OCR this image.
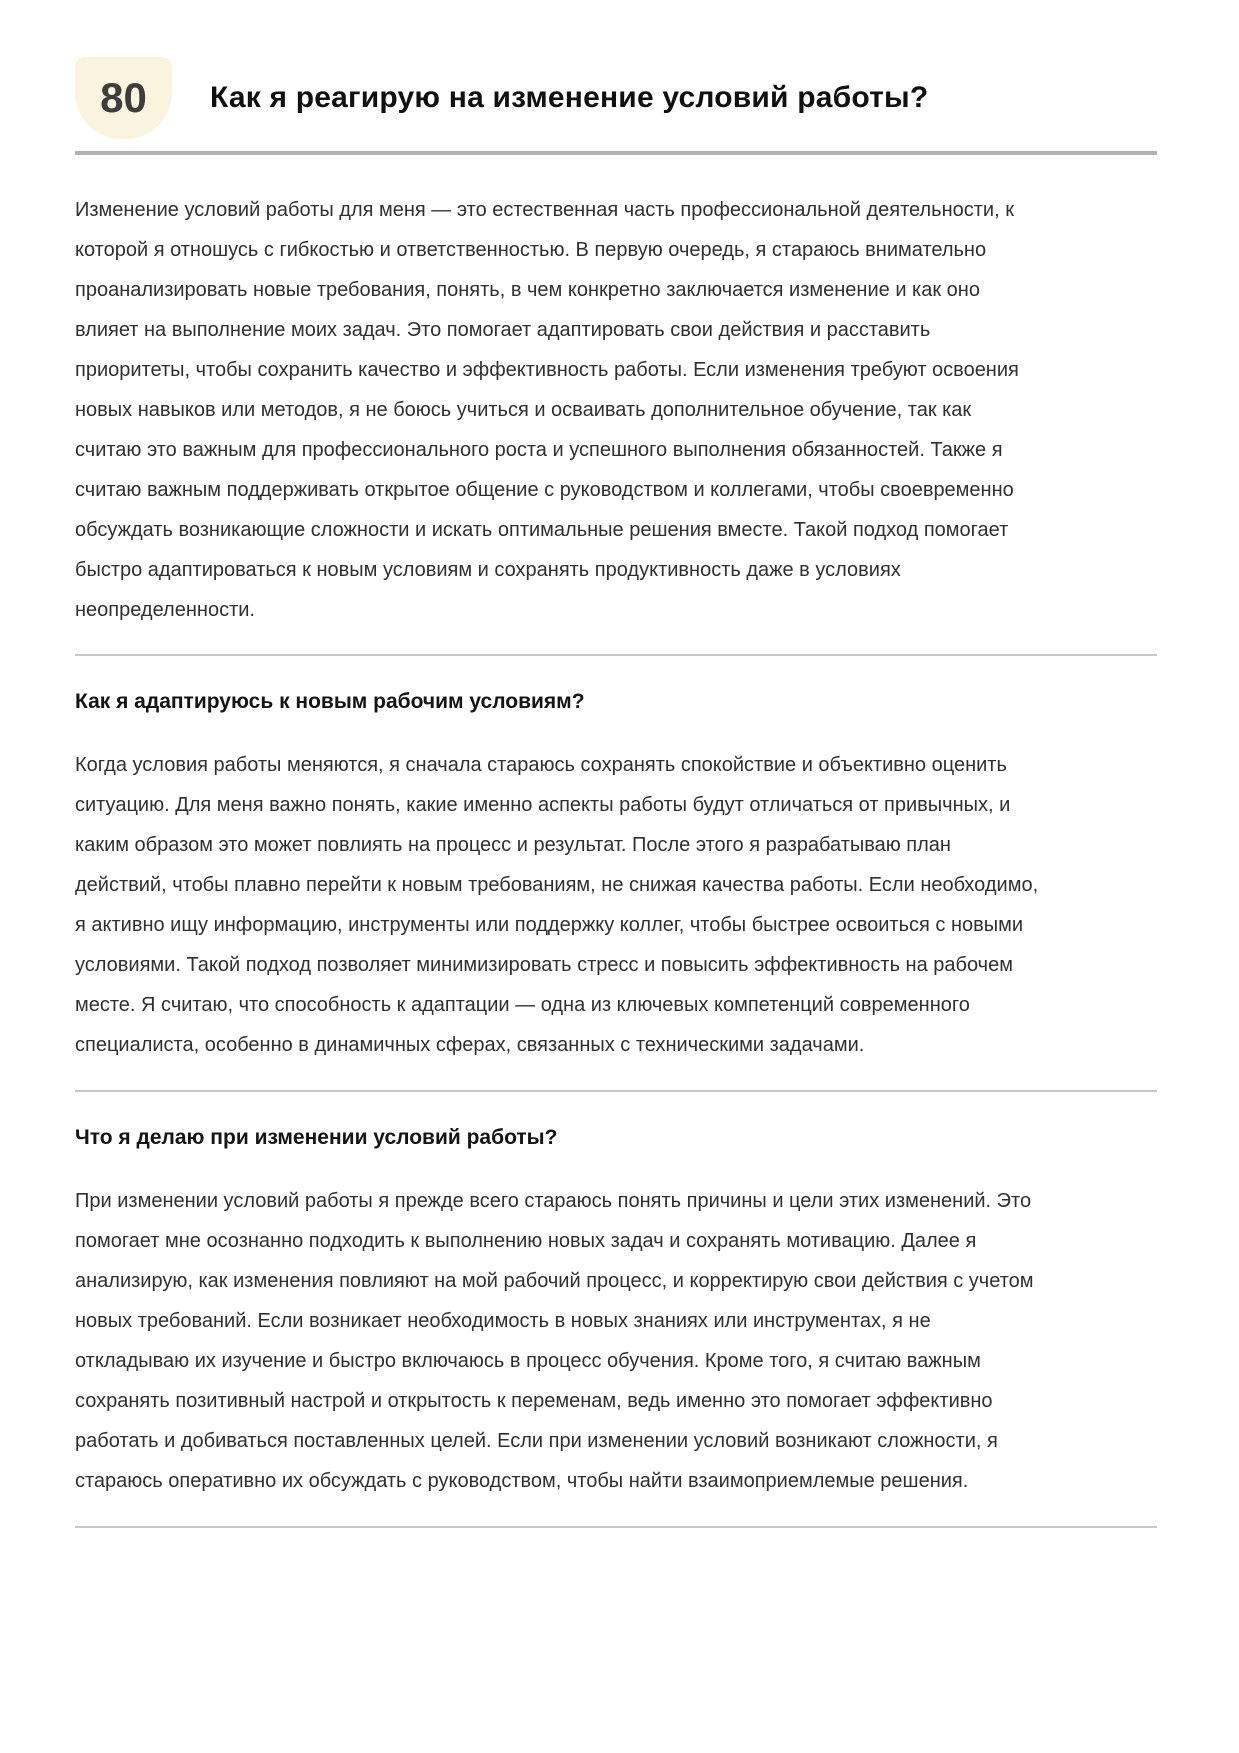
80 Как я реагирую на изменение условий работы?

Изменение условий работы для меня — это естественная часть профессиональной деятельности, к которой я отношусь с гибкостью и ответственностью. В первую очередь, я стараюсь внимательно проанализировать новые требования, понять, в чем конкретно заключается изменение и как оно влияет на выполнение моих задач. Это помогает адаптировать свои действия и расставить приоритеты, чтобы сохранить качество и эффективность работы. Если изменения требуют освоения новых навыков или методов, я не боюсь учиться и осваивать дополнительное обучение, так как считаю это важным для профессионального роста и успешного выполнения обязанностей. Также я считаю важным поддерживать открытое общение с руководством и коллегами, чтобы своевременно обсуждать возникающие сложности и искать оптимальные решения вместе. Такой подход помогает быстро адаптироваться к новым условиям и сохранять продуктивность даже в условиях неопределенности.

Как я адаптируюсь к новым рабочим условиям?

Когда условия работы меняются, я сначала стараюсь сохранять спокойствие и объективно оценить ситуацию. Для меня важно понять, какие именно аспекты работы будут отличаться от привычных, и каким образом это может повлиять на процесс и результат. После этого я разрабатываю план действий, чтобы плавно перейти к новым требованиям, не снижая качества работы. Если необходимо, я активно ищу информацию, инструменты или поддержку коллег, чтобы быстрее освоиться с новыми условиями. Такой подход позволяет минимизировать стресс и повысить эффективность на рабочем месте. Я считаю, что способность к адаптации — одна из ключевых компетенций современного специалиста, особенно в динамичных сферах, связанных с техническими задачами.

Что я делаю при изменении условий работы?

При изменении условий работы я прежде всего стараюсь понять причины и цели этих изменений. Это помогает мне осознанно подходить к выполнению новых задач и сохранять мотивацию. Далее я анализирую, как изменения повлияют на мой рабочий процесс, и корректирую свои действия с учетом новых требований. Если возникает необходимость в новых знаниях или инструментах, я не откладываю их изучение и быстро включаюсь в процесс обучения. Кроме того, я считаю важным сохранять позитивный настрой и открытость к переменам, ведь именно это помогает эффективно работать и добиваться поставленных целей. Если при изменении условий возникают сложности, я стараюсь оперативно их обсуждать с руководством, чтобы найти взаимоприемлемые решения.
